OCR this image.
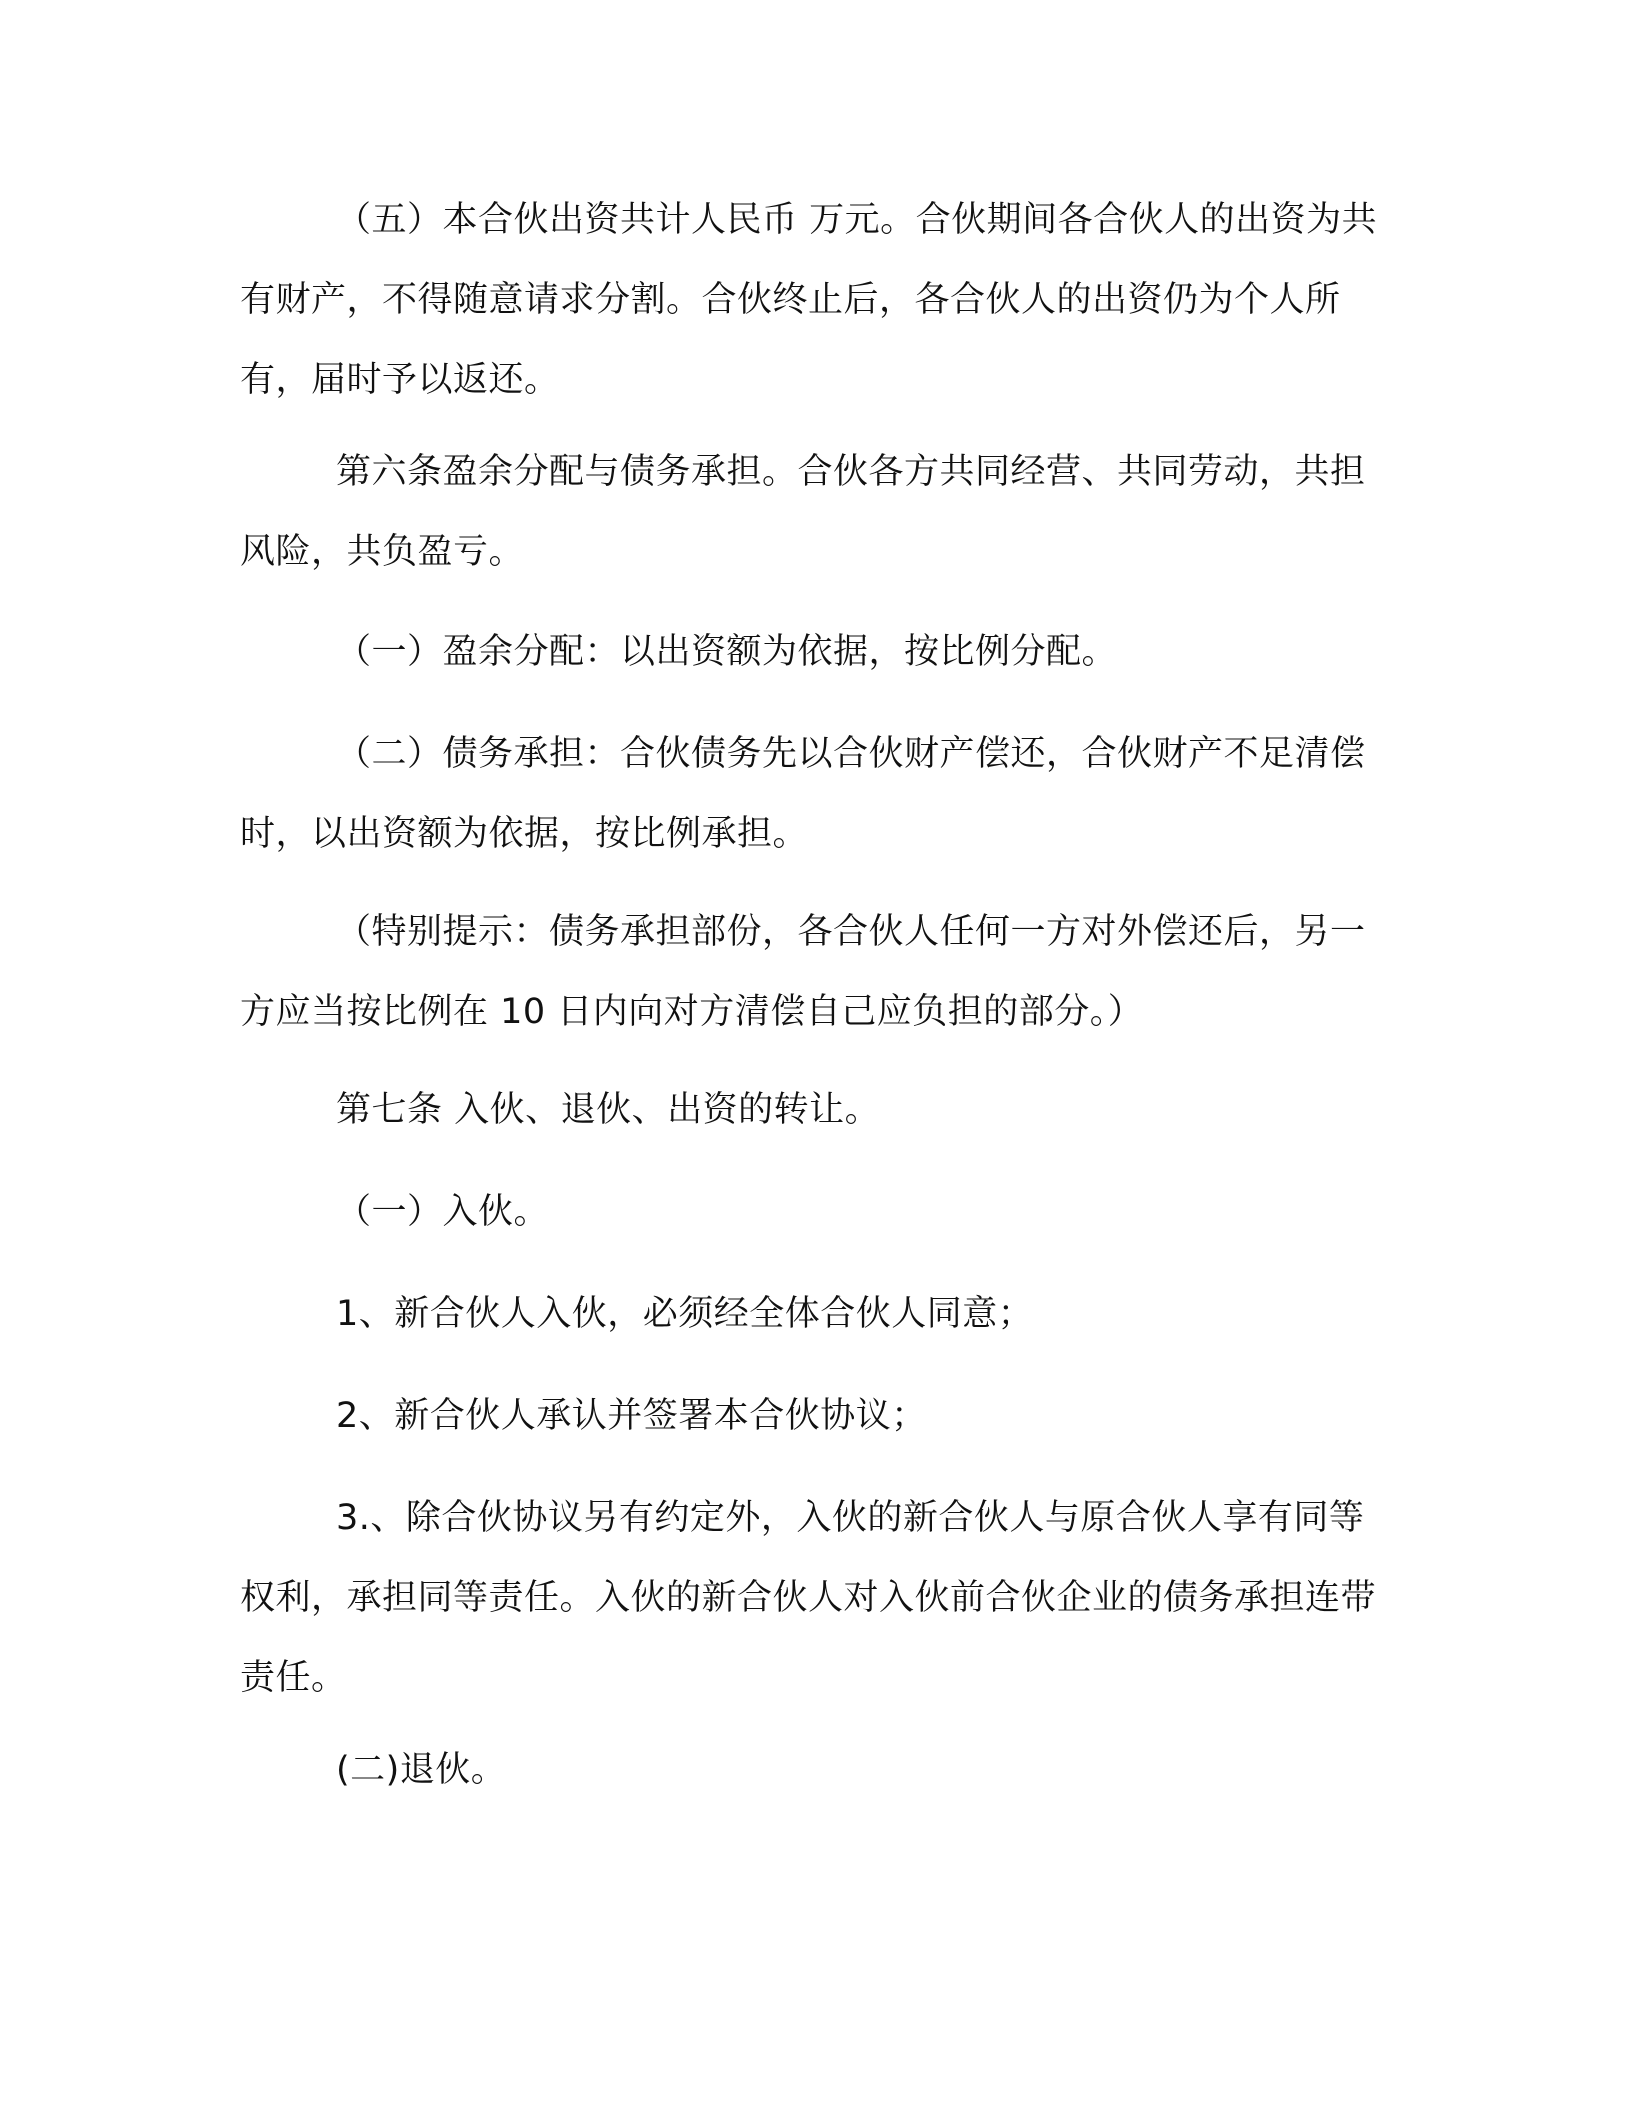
（五）本合伙出资共计人民币 万元。合伙期间各合伙人的出资为共有财产，不得随意请求分割。合伙终止后，各合伙人的出资仍为个人所有，届时予以返还。

第六条盈余分配与债务承担。合伙各方共同经营、共同劳动，共担风险，共负盈亏。

（一）盈余分配：以出资额为依据，按比例分配。

（二）债务承担：合伙债务先以合伙财产偿还，合伙财产不足清偿时，以出资额为依据，按比例承担。

（特别提示：债务承担部份，各合伙人任何一方对外偿还后，另一方应当按比例在 10 日内向对方清偿自己应负担的部分。）

第七条 入伙、退伙、出资的转让。

（一）入伙。

1、新合伙人入伙，必须经全体合伙人同意；

2、新合伙人承认并签署本合伙协议；

3.、除合伙协议另有约定外，入伙的新合伙人与原合伙人享有同等权利，承担同等责任。入伙的新合伙人对入伙前合伙企业的债务承担连带责任。

(二)退伙。
